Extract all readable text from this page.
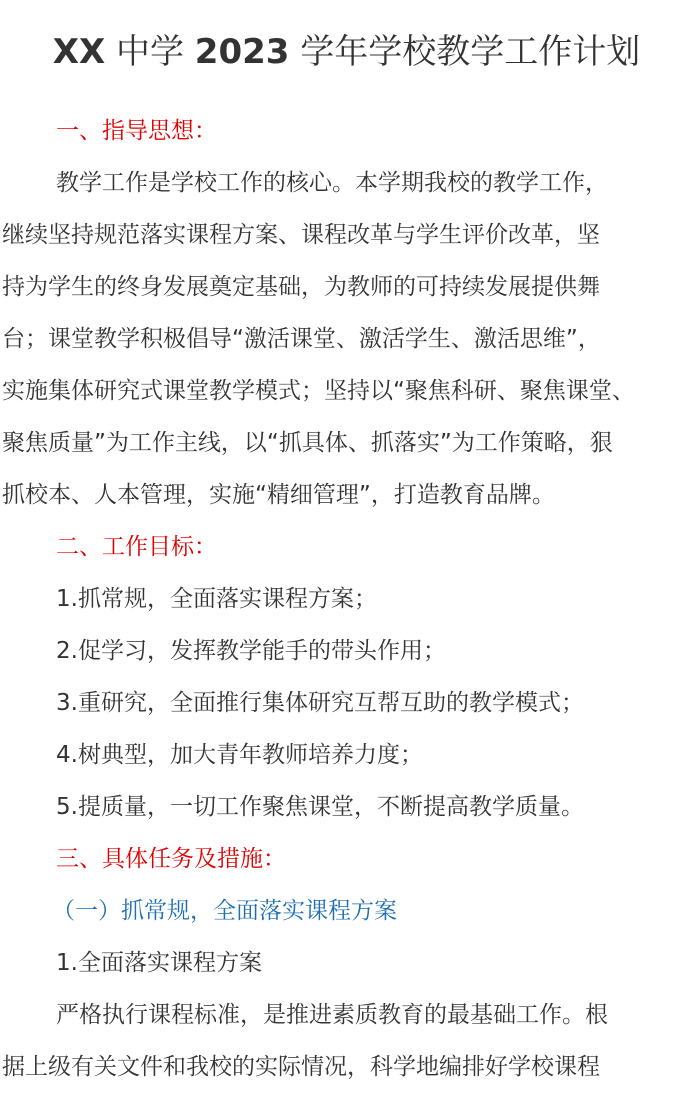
XX 中学 2023 学年学校教学工作计划
一、指导思想：
教学工作是学校工作的核心。本学期我校的教学工作，
继续坚持规范落实课程方案、课程改革与学生评价改革，坚
持为学生的终身发展奠定基础，为教师的可持续发展提供舞
台；课堂教学积极倡导“激活课堂、激活学生、激活思维”，
实施集体研究式课堂教学模式；坚持以“聚焦科研、聚焦课堂、
聚焦质量”为工作主线，以“抓具体、抓落实”为工作策略，狠
抓校本、人本管理，实施“精细管理”，打造教育品牌。
二、工作目标：
1.抓常规，全面落实课程方案；
2.促学习，发挥教学能手的带头作用；
3.重研究，全面推行集体研究互帮互助的教学模式；
4.树典型，加大青年教师培养力度；
5.提质量，一切工作聚焦课堂，不断提高教学质量。
三、具体任务及措施：
（一）抓常规，全面落实课程方案
1.全面落实课程方案
严格执行课程标准，是推进素质教育的最基础工作。根
据上级有关文件和我校的实际情况，科学地编排好学校课程
